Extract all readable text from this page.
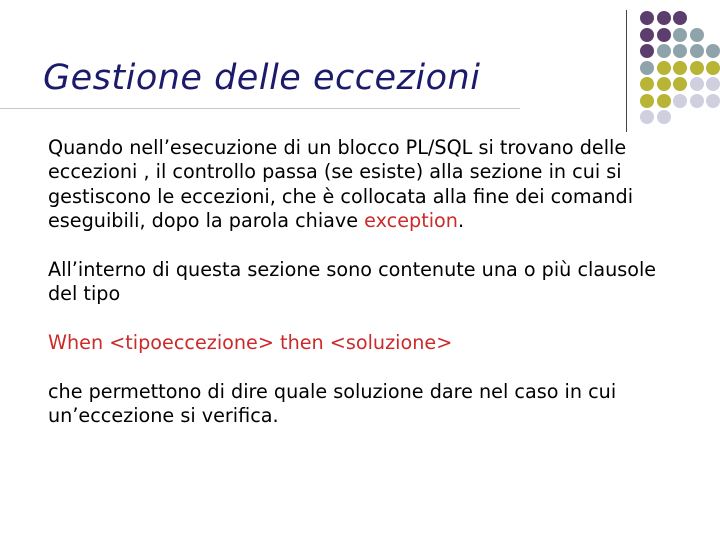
Gestione delle eccezioni

Quando nell’esecuzione di un blocco PL/SQL si trovano delle eccezioni , il controllo passa (se esiste) alla sezione in cui si gestiscono le eccezioni, che è collocata alla fine dei comandi eseguibili, dopo la parola chiave exception.

All’interno di questa sezione sono contenute una o più clausole del tipo

When <tipoeccezione> then <soluzione>

che permettono di dire quale soluzione dare nel caso in cui un’eccezione si verifica.
